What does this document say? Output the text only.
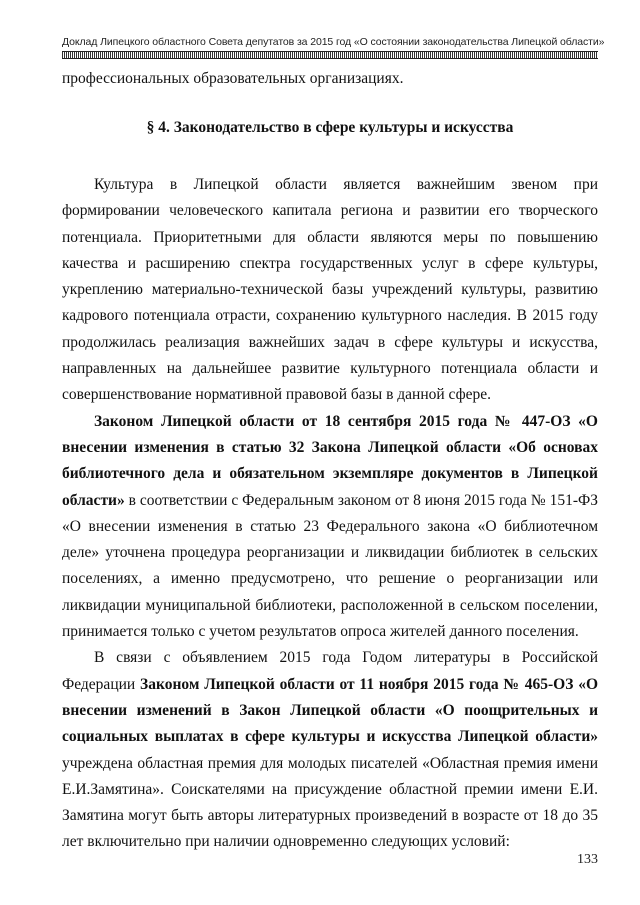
Доклад Липецкого областного Совета депутатов за 2015 год «О состоянии законодательства Липецкой области»

профессиональных образовательных организациях.

§ 4. Законодательство в сфере культуры и искусства

Культура в Липецкой области является важнейшим звеном при формировании человеческого капитала региона и развитии его творческого потенциала. Приоритетными для области являются меры по повышению качества и расширению спектра государственных услуг в сфере культуры, укреплению материально-технической базы учреждений культуры, развитию кадрового потенциала отрасти, сохранению культурного наследия. В 2015 году продолжилась реализация важнейших задач в сфере культуры и искусства, направленных на дальнейшее развитие культурного потенциала области и совершенствование нормативной правовой базы в данной сфере.

Законом Липецкой области от 18 сентября 2015 года № 447-ОЗ «О внесении изменения в статью 32 Закона Липецкой области «Об основах библиотечного дела и обязательном экземпляре документов в Липецкой области» в соответствии с Федеральным законом от 8 июня 2015 года № 151-ФЗ «О внесении изменения в статью 23 Федерального закона «О библиотечном деле» уточнена процедура реорганизации и ликвидации библиотек в сельских поселениях, а именно предусмотрено, что решение о реорганизации или ликвидации муниципальной библиотеки, расположенной в сельском поселении, принимается только с учетом результатов опроса жителей данного поселения.

В связи с объявлением 2015 года Годом литературы в Российской Федерации Законом Липецкой области от 11 ноября 2015 года № 465-ОЗ «О внесении изменений в Закон Липецкой области «О поощрительных и социальных выплатах в сфере культуры и искусства Липецкой области» учреждена областная премия для молодых писателей «Областная премия имени Е.И.Замятина». Соискателями на присуждение областной премии имени Е.И. Замятина могут быть авторы литературных произведений в возрасте от 18 до 35 лет включительно при наличии одновременно следующих условий:

133
